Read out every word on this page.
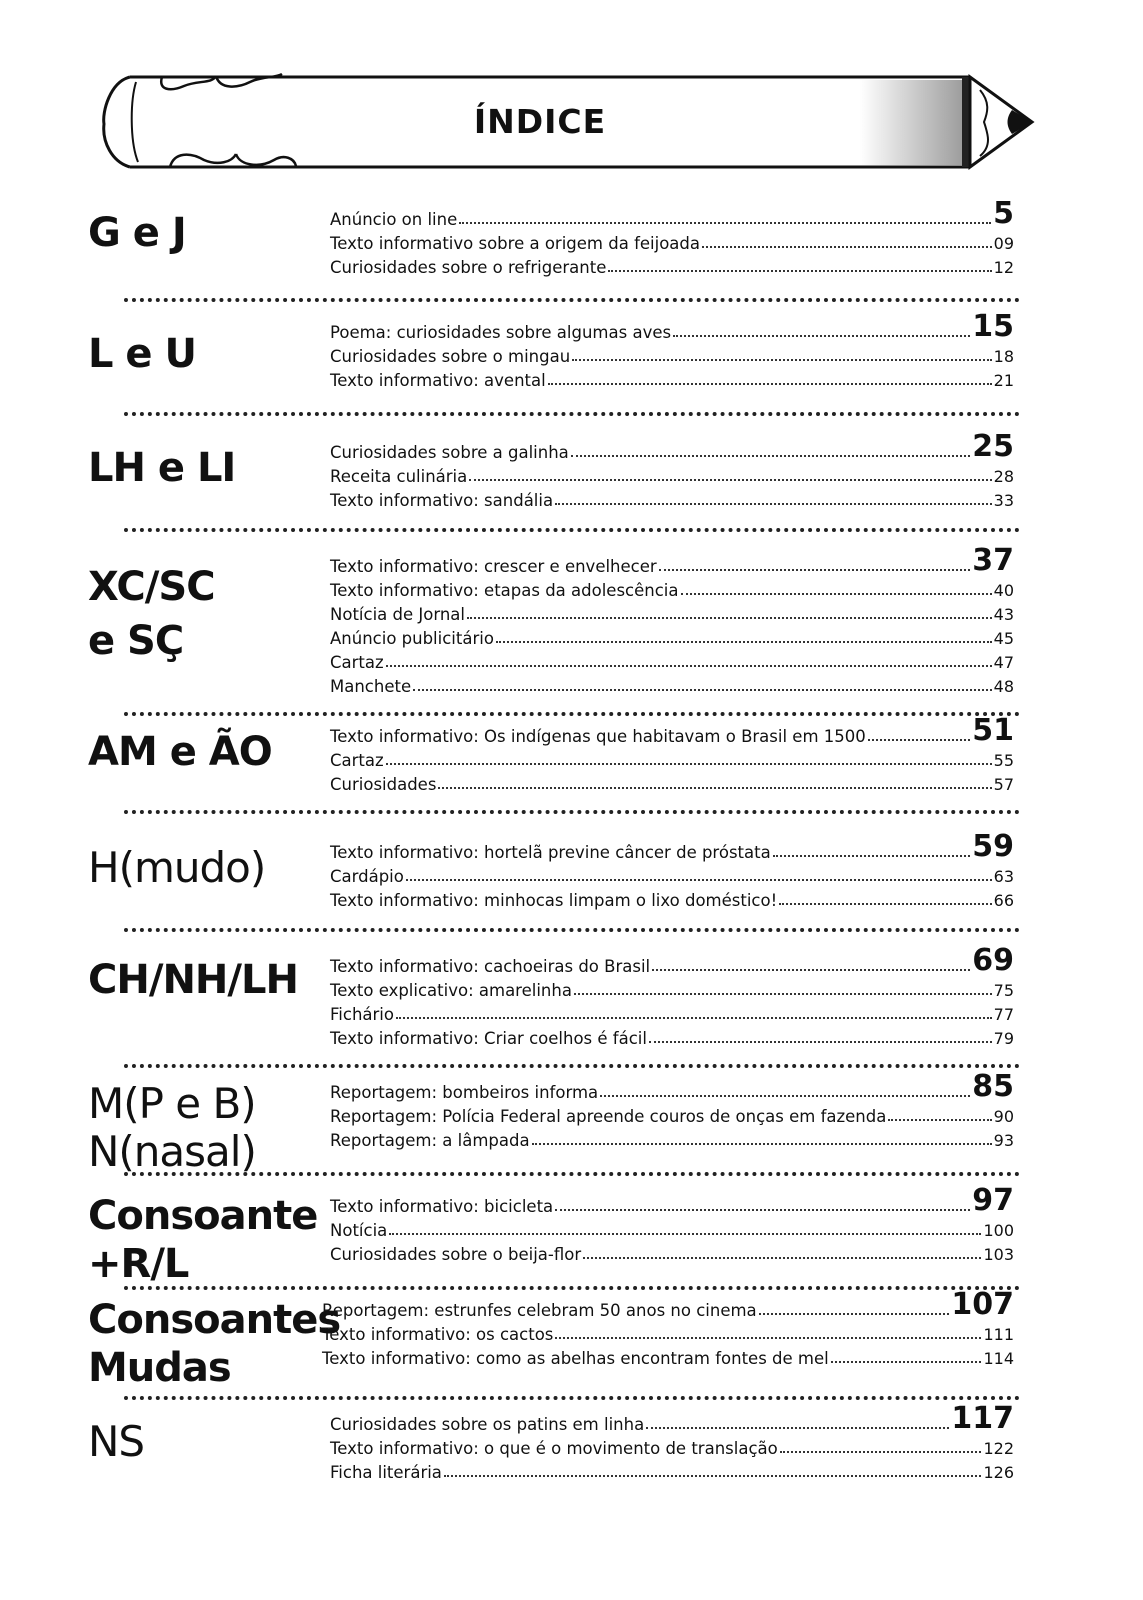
ÍNDICE
G e J	Anúncio on line	5
Texto informativo sobre a origem da feijoada	09
Curiosidades sobre o refrigerante	12
L e U	Poema: curiosidades sobre algumas aves	15
Curiosidades sobre o mingau	18
Texto informativo: avental	21
LH e LI	Curiosidades sobre a galinha	25
Receita culinária	28
Texto informativo: sandália	33
XC/SC
e SÇ
Texto informativo: crescer e envelhecer	37
Texto informativo: etapas da adolescência	40
Notícia de Jornal	43
Anúncio publicitário	45
Cartaz	47
Manchete	48
AM e ÃO	Texto informativo: Os indígenas que habitavam o Brasil em 1500	51
Cartaz	55
Curiosidades	57
H(mudo)	Texto informativo: hortelã previne câncer de próstata	59
Cardápio	63
Texto informativo: minhocas limpam o lixo doméstico!	66
CH/NH/LH Texto informativo: cachoeiras do Brasil	69
Texto explicativo: amarelinha	75
Fichário	77
Texto informativo: Criar coelhos é fácil	79
M(P e B)
N(nasal)
Reportagem: bombeiros informa	85
Reportagem: Polícia Federal apreende couros de onças em fazenda	90
Reportagem: a lâmpada	93
Consoante
+R/L
Texto informativo: bicicleta	97
Notícia	100
Curiosidades sobre o beija-flor	103
Consoantes
Mudas
Reportagem: estrunfes celebram 50 anos no cinema	107
Texto informativo: os cactos	111
Texto informativo: como as abelhas encontram fontes de mel	114
NS	Curiosidades sobre os patins em linha	117
Texto informativo: o que é o movimento de translação	122
Ficha literária	126
